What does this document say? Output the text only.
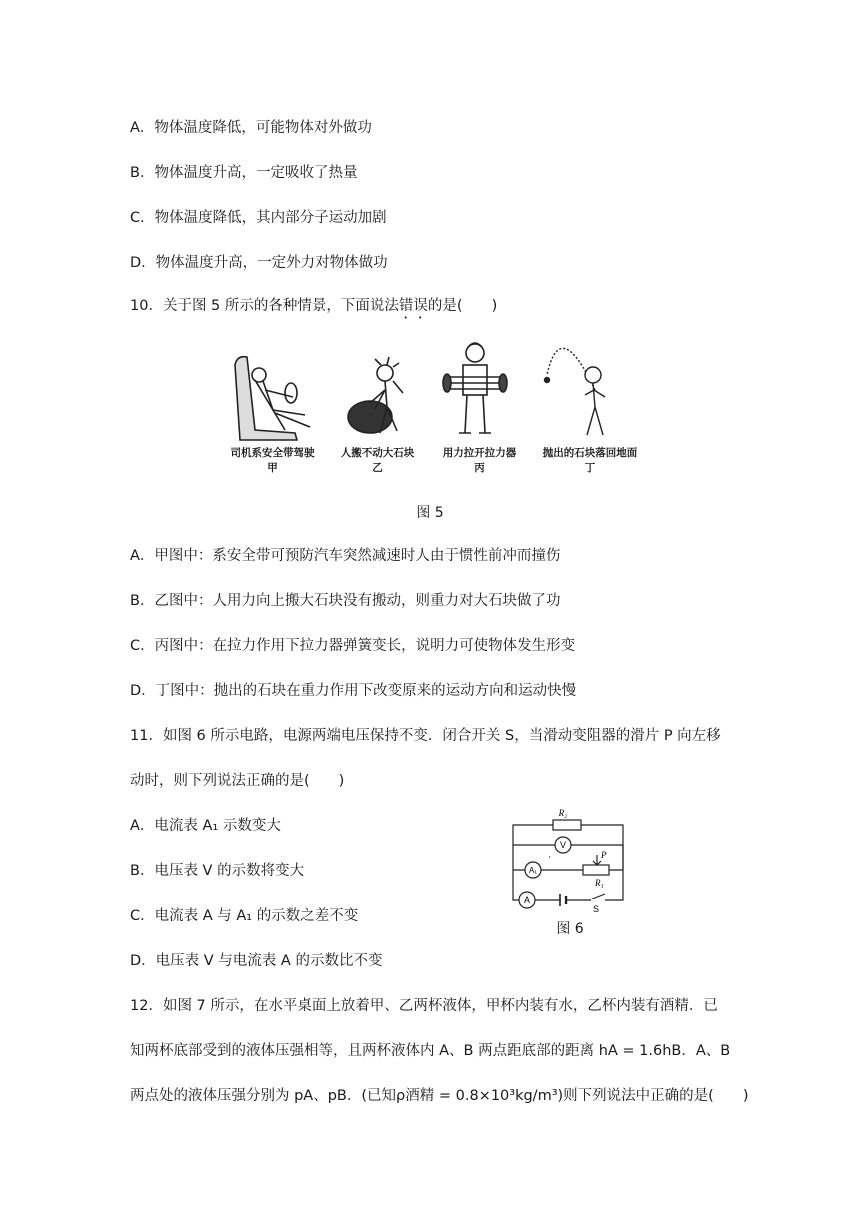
A．物体温度降低，可能物体对外做功
B．物体温度升高，一定吸收了热量
C．物体温度降低，其内部分子运动加剧
D．物体温度升高，一定外力对物体做功
10．关于图 5 所示的各种情景，下面说法错误的是(　　)
司机系安全带驾驶
甲
人搬不动大石块
乙
用力拉开拉力器
丙
抛出的石块落回地面
丁
图 5
A．甲图中：系安全带可预防汽车突然减速时人由于惯性前冲而撞伤
B．乙图中：人用力向上搬大石块没有搬动，则重力对大石块做了功
C．丙图中：在拉力作用下拉力器弹簧变长，说明力可使物体发生形变
D．丁图中：抛出的石块在重力作用下改变原来的运动方向和运动快慢
11．如图 6 所示电路，电源两端电压保持不变．闭合开关 S，当滑动变阻器的滑片 P 向左移
动时，则下列说法正确的是(　　)
A．电流表 A₁ 示数变大
B．电压表 V 的示数将变大
C．电流表 A 与 A₁ 的示数之差不变
D．电压表 V 与电流表 A 的示数比不变
R₂
V
A₁
'	P
R₁
A
S
图 6
12．如图 7 所示，在水平桌面上放着甲、乙两杯液体，甲杯内装有水，乙杯内装有酒精．已
知两杯底部受到的液体压强相等，且两杯液体内 A、B 两点距底部的距离 hA = 1.6hB．A、B
两点处的液体压强分别为 pA、pB．(已知ρ酒精 = 0.8×10³kg/m³)则下列说法中正确的是(　　)
